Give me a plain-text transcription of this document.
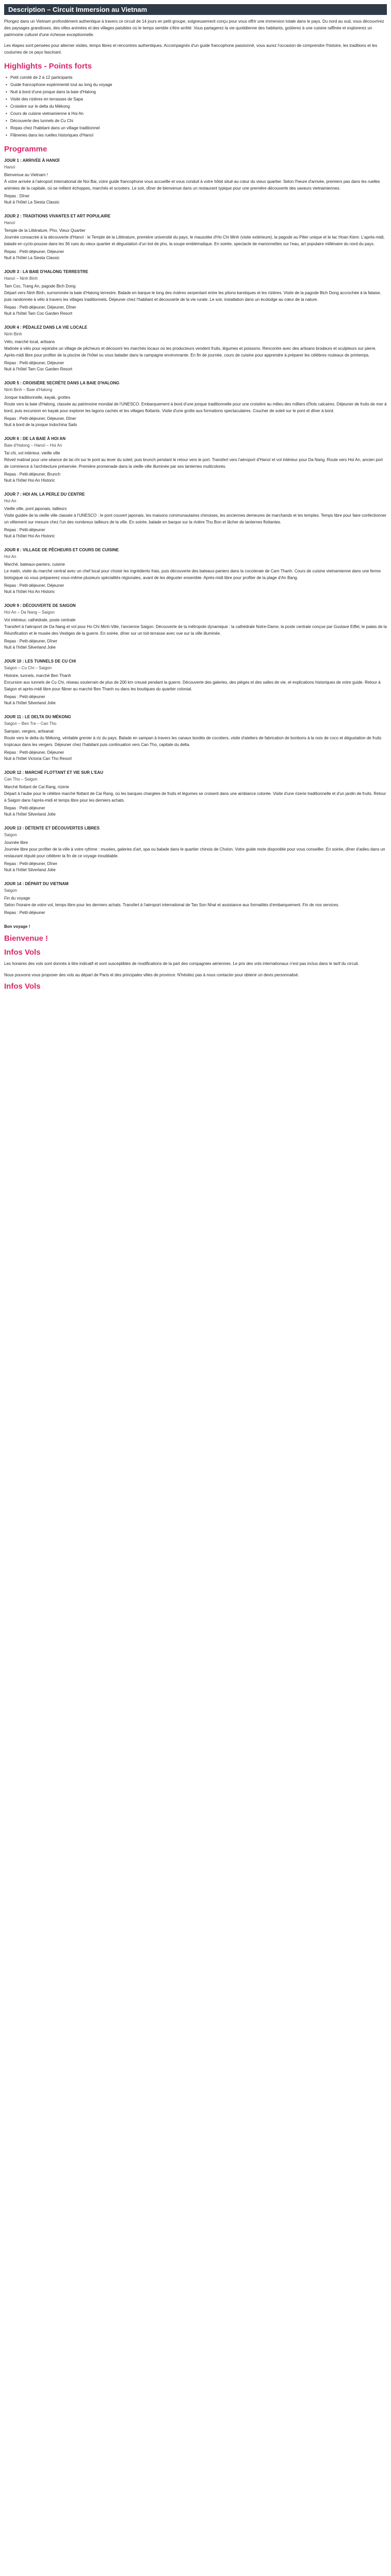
Description – Circuit Immersion au Vietnam

Plongez dans un Vietnam profondément authentique à travers ce circuit de 14 jours en petit groupe, soigneusement conçu pour vous offrir une immersion totale dans le pays. Du nord au sud, vous découvrirez des paysages grandioses, des villes animées et des villages paisibles où le temps semble s'être arrêté. Vous partagerez la vie quotidienne des habitants, goûterez à une cuisine raffinée et explorerez un patrimoine culturel d'une richesse exceptionnelle.

Les étapes sont pensées pour alterner visites, temps libres et rencontres authentiques. Accompagnés d'un guide francophone passionné, vous aurez l'occasion de comprendre l'histoire, les traditions et les coutumes de ce pays fascinant.

Highlights - Points forts
• Petit comité de 2 à 12 participants
• Guide francophone expérimenté tout au long du voyage
• Nuit à bord d'une jonque dans la baie d'Halong
• Visite des rizières en terrasses de Sapa
• Croisière sur le delta du Mékong
• Cours de cuisine vietnamienne à Hoi An
• Découverte des tunnels de Cu Chi
• Repas chez l'habitant dans un village traditionnel
• Flâneries dans les ruelles historiques d'Hanoï
Programme
JOUR 1 : ARRIVÉE À HANOÏ
Hanoï
Bienvenue au Vietnam !
À votre arrivée à l'aéroport international de Noi Bai, votre guide francophone vous accueille et vous conduit à votre hôtel situé au cœur du vieux quartier. Selon l'heure d'arrivée, premiers pas dans les ruelles animées de la capitale, où se mêlent échoppes, marchés et scooters. Le soir, dîner de bienvenue dans un restaurant typique pour une première découverte des saveurs vietnamiennes.
Repas : Dîner
Nuit à l'hôtel La Siesta Classic
JOUR 2 : TRADITIONS VIVANTES ET ART POPULAIRE
Hanoï
Temple de la Littérature, Pho, Vieux Quartier
Journée consacrée à la découverte d'Hanoï : le Temple de la Littérature, première université du pays, le mausolée d'Ho Chi Minh (visite extérieure), la pagode au Pilier unique et le lac Hoan Kiem. L'après-midi, balade en cyclo-pousse dans les 36 rues du vieux quartier et dégustation d'un bol de pho, la soupe emblématique. En soirée, spectacle de marionnettes sur l'eau, art populaire millénaire du nord du pays.
Repas : Petit-déjeuner, Déjeuner
Nuit à l'hôtel La Siesta Classic
JOUR 3 : LA BAIE D'HALONG TERRESTRE
Hanoï – Ninh Binh
Tam Coc, Trang An, pagode Bich Dong
Départ vers Ninh Binh, surnommée la baie d'Halong terrestre. Balade en barque le long des rivières serpentant entre les pitons karstiques et les rizières. Visite de la pagode Bich Dong accrochée à la falaise, puis randonnée à vélo à travers les villages traditionnels. Déjeuner chez l'habitant et découverte de la vie rurale. Le soir, installation dans un écolodge au cœur de la nature.
Repas : Petit-déjeuner, Déjeuner, Dîner
Nuit à l'hôtel Tam Coc Garden Resort
JOUR 4 : PÉDALEZ DANS LA VIE LOCALE
Ninh Binh
Vélo, marché local, artisans
Matinée à vélo pour rejoindre un village de pêcheurs et découvrir les marchés locaux où les producteurs vendent fruits, légumes et poissons. Rencontre avec des artisans brodeurs et sculpteurs sur pierre. Après-midi libre pour profiter de la piscine de l'hôtel ou vous balader dans la campagne environnante. En fin de journée, cours de cuisine pour apprendre à préparer les célèbres rouleaux de printemps.
Repas : Petit-déjeuner, Déjeuner
Nuit à l'hôtel Tam Coc Garden Resort
JOUR 5 : CROISIÈRE SECRÈTE DANS LA BAIE D'HALONG
Ninh Binh – Baie d'Halong
Jonque traditionnelle, kayak, grottes
Route vers la baie d'Halong, classée au patrimoine mondial de l'UNESCO. Embarquement à bord d'une jonque traditionnelle pour une croisière au milieu des milliers d'îlots calcaires. Déjeuner de fruits de mer à bord, puis excursion en kayak pour explorer les lagons cachés et les villages flottants. Visite d'une grotte aux formations spectaculaires. Coucher de soleil sur le pont et dîner à bord.
Repas : Petit-déjeuner, Déjeuner, Dîner
Nuit à bord de la jonque Indochina Sails
JOUR 6 : DE LA BAIE À HOI AN
Baie d'Halong – Hanoï – Hoi An
Tai chi, vol intérieur, vieille ville
Réveil matinal pour une séance de tai chi sur le pont au lever du soleil, puis brunch pendant le retour vers le port. Transfert vers l'aéroport d'Hanoï et vol intérieur pour Da Nang. Route vers Hoi An, ancien port de commerce à l'architecture préservée. Première promenade dans la vieille ville illuminée par ses lanternes multicolores.
Repas : Petit-déjeuner, Brunch
Nuit à l'hôtel Hoi An Historic
JOUR 7 : HOI AN, LA PERLE DU CENTRE
Hoi An
Vieille ville, pont japonais, tailleurs
Visite guidée de la vieille ville classée à l'UNESCO : le pont couvert japonais, les maisons communautaires chinoises, les anciennes demeures de marchands et les temples. Temps libre pour faire confectionner un vêtement sur mesure chez l'un des nombreux tailleurs de la ville. En soirée, balade en barque sur la rivière Thu Bon et lâcher de lanternes flottantes.
Repas : Petit-déjeuner
Nuit à l'hôtel Hoi An Historic
JOUR 8 : VILLAGE DE PÊCHEURS ET COURS DE CUISINE
Hoi An
Marché, bateaux-paniers, cuisine
Le matin, visite du marché central avec un chef local pour choisir les ingrédients frais, puis découverte des bateaux-paniers dans la cocoteraie de Cam Thanh. Cours de cuisine vietnamienne dans une ferme biologique où vous préparerez vous-même plusieurs spécialités régionales, avant de les déguster ensemble. Après-midi libre pour profiter de la plage d'An Bang.
Repas : Petit-déjeuner, Déjeuner
Nuit à l'hôtel Hoi An Historic
JOUR 9 : DÉCOUVERTE DE SAIGON
Hoi An – Da Nang – Saigon
Vol intérieur, cathédrale, poste centrale
Transfert à l'aéroport de Da Nang et vol pour Ho Chi Minh-Ville, l'ancienne Saigon. Découverte de la métropole dynamique : la cathédrale Notre-Dame, la poste centrale conçue par Gustave Eiffel, le palais de la Réunification et le musée des Vestiges de la guerre. En soirée, dîner sur un toit-terrasse avec vue sur la ville illuminée.
Repas : Petit-déjeuner, Dîner
Nuit à l'hôtel Silverland Jolie
JOUR 10 : LES TUNNELS DE CU CHI
Saigon – Cu Chi – Saigon
Histoire, tunnels, marché Ben Thanh
Excursion aux tunnels de Cu Chi, réseau souterrain de plus de 200 km creusé pendant la guerre. Découverte des galeries, des pièges et des salles de vie, et explications historiques de votre guide. Retour à Saigon et après-midi libre pour flâner au marché Ben Thanh ou dans les boutiques du quartier colonial.
Repas : Petit-déjeuner
Nuit à l'hôtel Silverland Jolie
JOUR 11 : LE DELTA DU MÉKONG
Saigon – Ben Tre – Can Tho
Sampan, vergers, artisanat
Route vers le delta du Mékong, véritable grenier à riz du pays. Balade en sampan à travers les canaux bordés de cocotiers, visite d'ateliers de fabrication de bonbons à la noix de coco et dégustation de fruits tropicaux dans les vergers. Déjeuner chez l'habitant puis continuation vers Can Tho, capitale du delta.
Repas : Petit-déjeuner, Déjeuner
Nuit à l'hôtel Victoria Can Tho Resort
JOUR 12 : MARCHÉ FLOTTANT ET VIE SUR L'EAU
Can Tho – Saigon
Marché flottant de Cai Rang, rizerie
Départ à l'aube pour le célèbre marché flottant de Cai Rang, où les barques chargées de fruits et légumes se croisent dans une ambiance colorée. Visite d'une rizerie traditionnelle et d'un jardin de fruits. Retour à Saigon dans l'après-midi et temps libre pour les derniers achats.
Repas : Petit-déjeuner
Nuit à l'hôtel Silverland Jolie
JOUR 13 : DÉTENTE ET DÉCOUVERTES LIBRES
Saigon
Journée libre
Journée libre pour profiter de la ville à votre rythme : musées, galeries d'art, spa ou balade dans le quartier chinois de Cholon. Votre guide reste disponible pour vous conseiller. En soirée, dîner d'adieu dans un restaurant réputé pour célébrer la fin de ce voyage inoubliable.
Repas : Petit-déjeuner, Dîner
Nuit à l'hôtel Silverland Jolie
JOUR 14 : DÉPART DU VIETNAM
Saigon
Fin du voyage
Selon l'horaire de votre vol, temps libre pour les derniers achats. Transfert à l'aéroport international de Tan Son Nhat et assistance aux formalités d'embarquement. Fin de nos services.
Repas : Petit-déjeuner
Bon voyage !
Bienvenue !
Infos Vols

Les horaires des vols sont donnés à titre indicatif et sont susceptibles de modifications de la part des compagnies aériennes. Le prix des vols internationaux n'est pas inclus dans le tarif du circuit.

Nous pouvons vous proposer des vols au départ de Paris et des principales villes de province. N'hésitez pas à nous contacter pour obtenir un devis personnalisé.

Infos Vols
